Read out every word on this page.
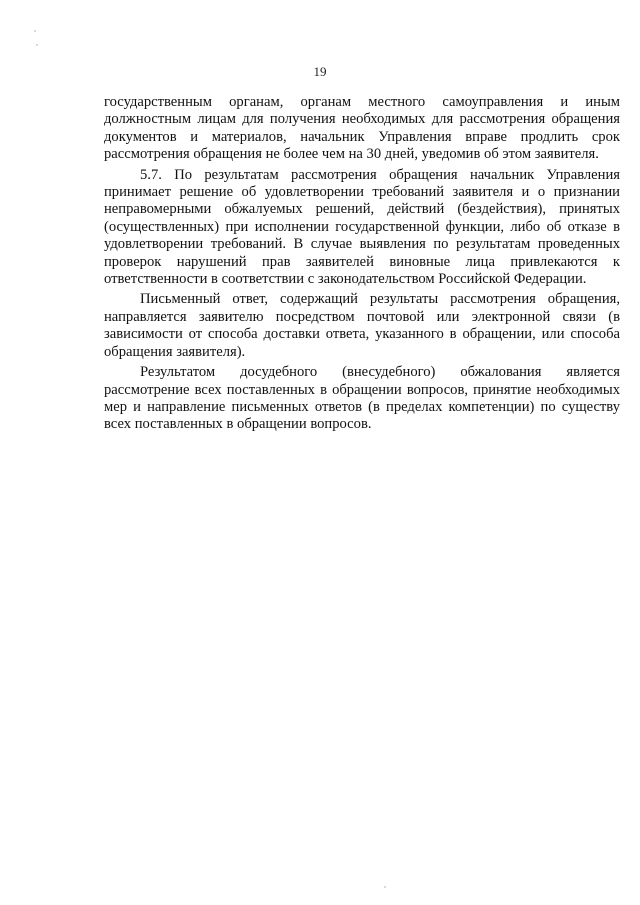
19

государственным органам, органам местного самоуправления и иным должностным лицам для получения необходимых для рассмотрения обращения документов и материалов, начальник Управления вправе продлить срок рассмотрения обращения не более чем на 30 дней, уведомив об этом заявителя.

5.7. По результатам рассмотрения обращения начальник Управления принимает решение об удовлетворении требований заявителя и о признании неправомерными обжалуемых решений, действий (бездействия), принятых (осуществленных) при исполнении государственной функции, либо об отказе в удовлетворении требований. В случае выявления по результатам проведенных проверок нарушений прав заявителей виновные лица привлекаются к ответственности в соответствии с законодательством Российской Федерации.

Письменный ответ, содержащий результаты рассмотрения обращения, направляется заявителю посредством почтовой или электронной связи (в зависимости от способа доставки ответа, указанного в обращении, или способа обращения заявителя).

Результатом досудебного (внесудебного) обжалования является рассмотрение всех поставленных в обращении вопросов, принятие необходимых мер и направление письменных ответов (в пределах компетенции) по существу всех поставленных в обращении вопросов.
